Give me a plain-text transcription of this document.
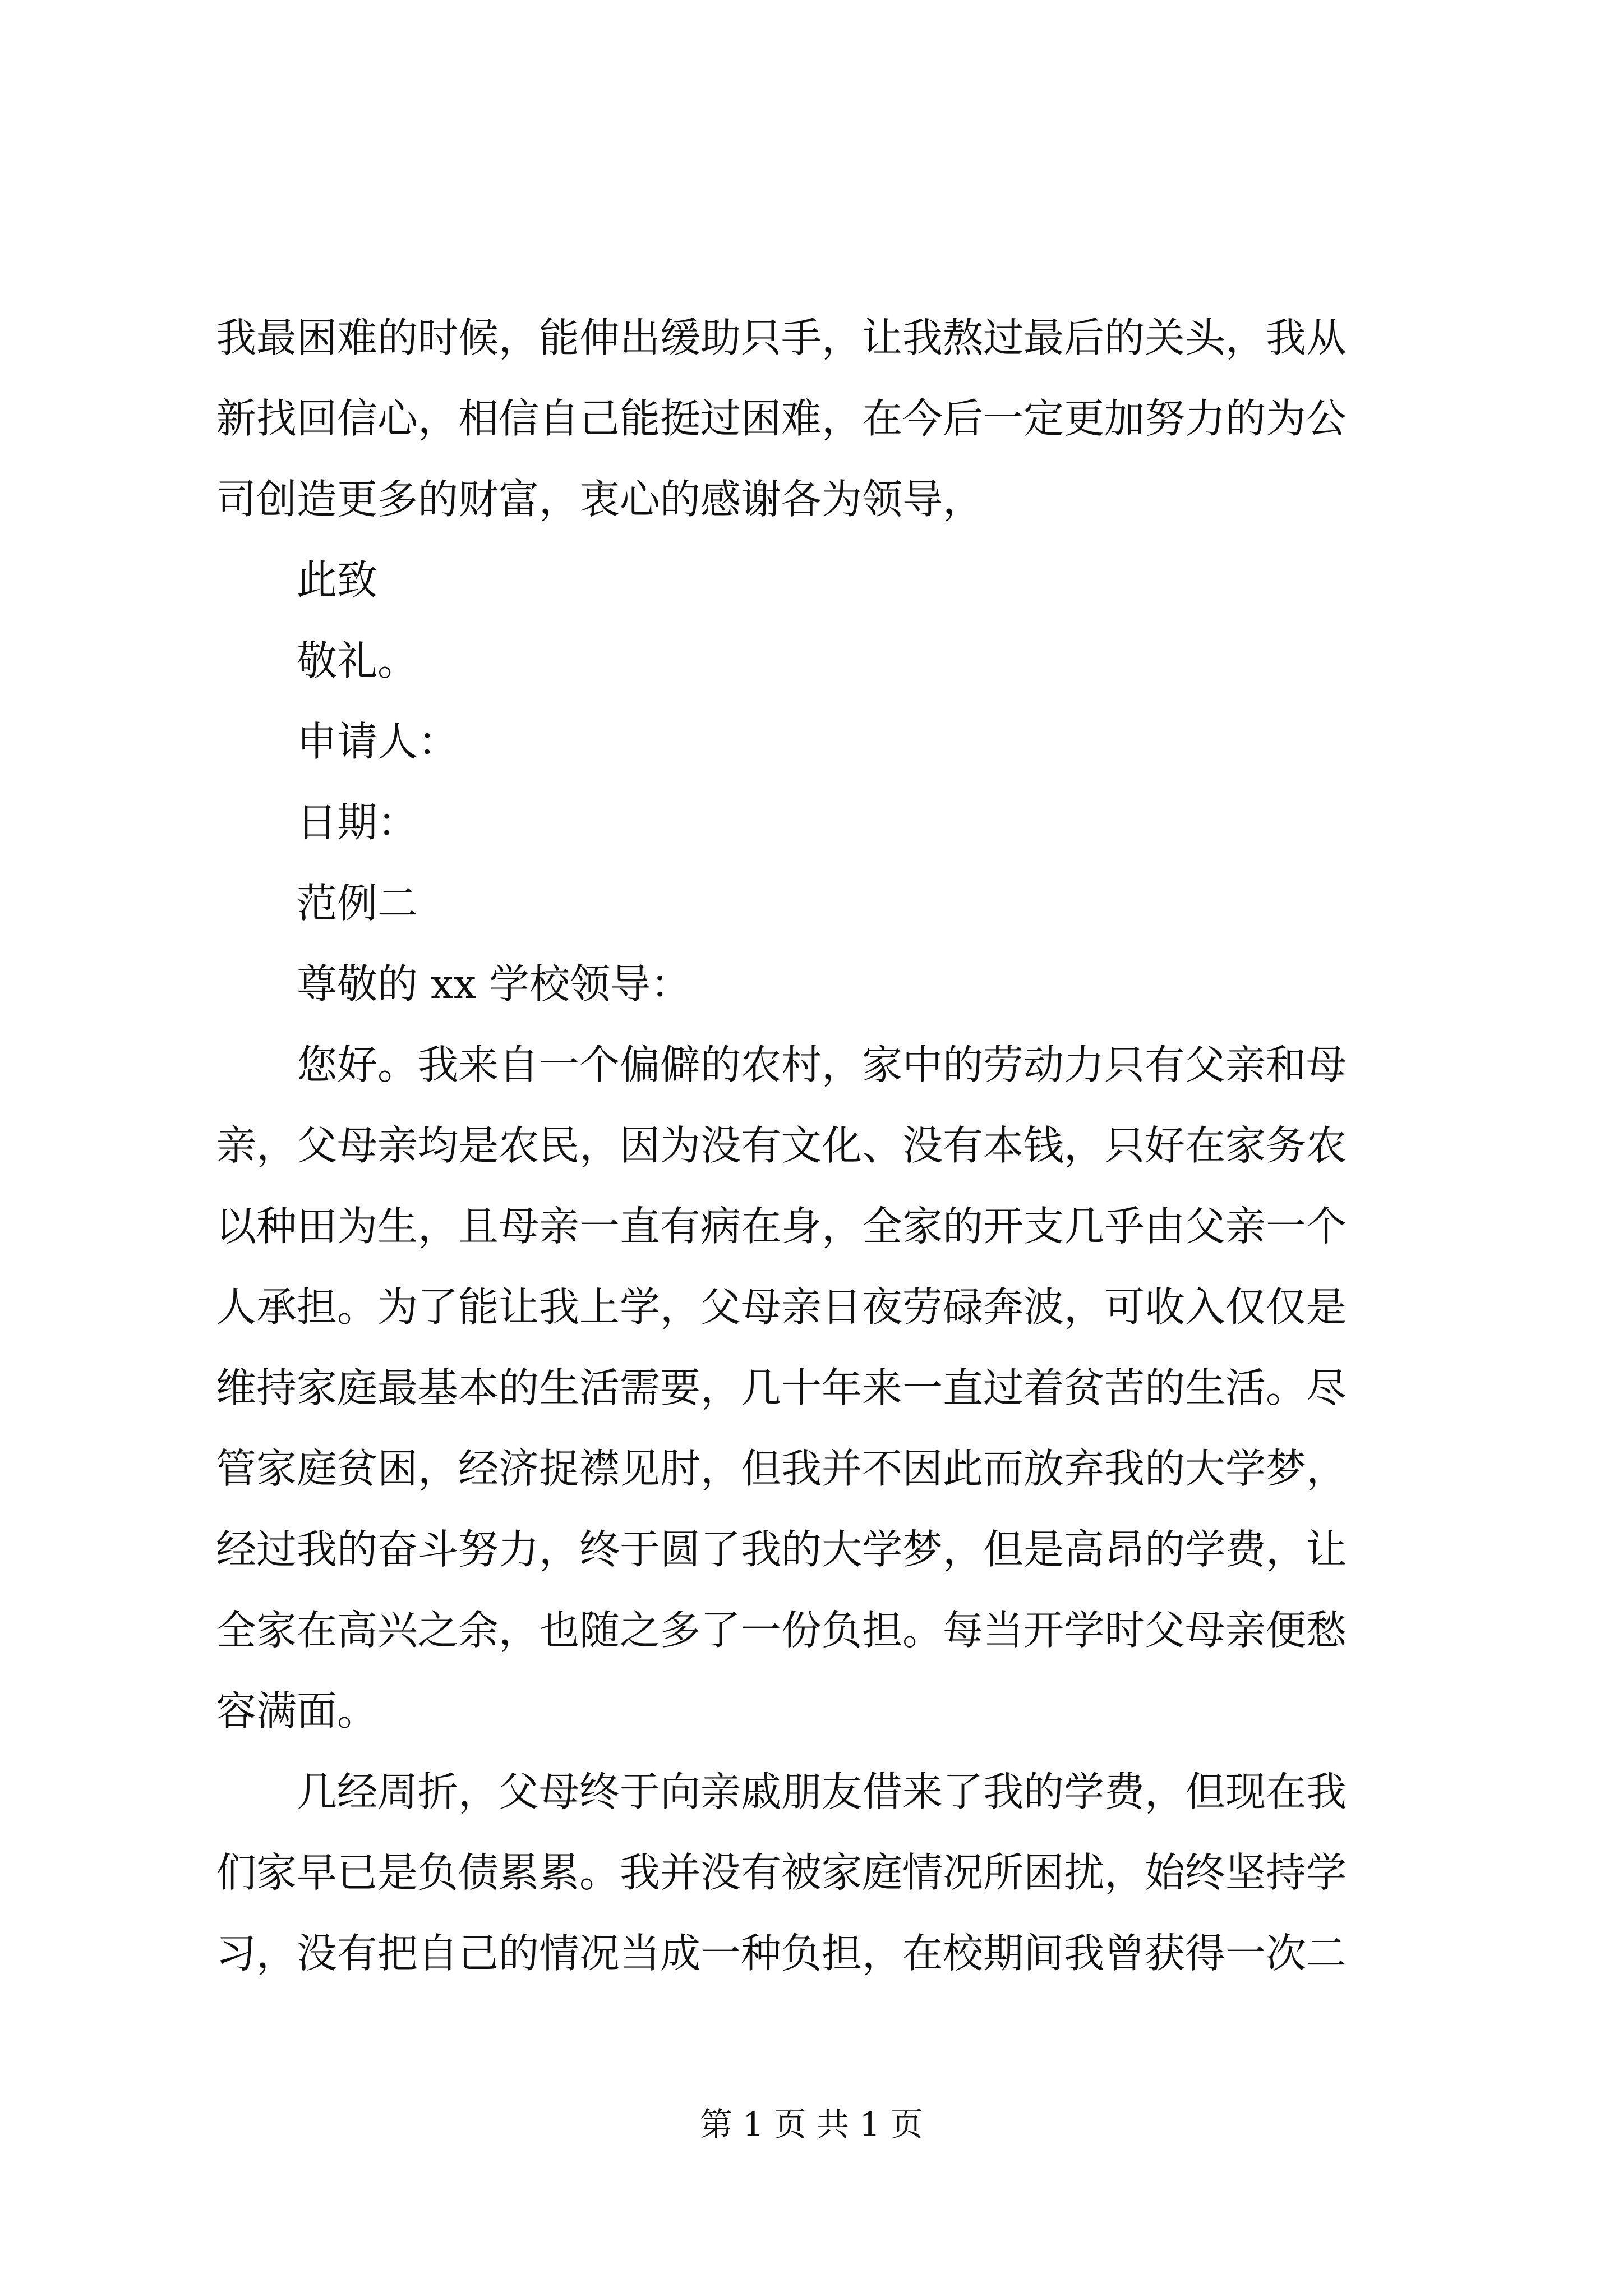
我最困难的时候，能伸出缓助只手，让我熬过最后的关头，我从
新找回信心，相信自己能挺过困难，在今后一定更加努力的为公
司创造更多的财富，衷心的感谢各为领导，
此致
敬礼。
申请人：
日期：
范例二
尊敬的 xx 学校领导：
您好。我来自一个偏僻的农村，家中的劳动力只有父亲和母
亲，父母亲均是农民，因为没有文化、没有本钱，只好在家务农
以种田为生，且母亲一直有病在身，全家的开支几乎由父亲一个
人承担。为了能让我上学，父母亲日夜劳碌奔波，可收入仅仅是
维持家庭最基本的生活需要，几十年来一直过着贫苦的生活。尽
管家庭贫困，经济捉襟见肘，但我并不因此而放弃我的大学梦，
经过我的奋斗努力，终于圆了我的大学梦，但是高昂的学费，让
全家在高兴之余，也随之多了一份负担。每当开学时父母亲便愁
容满面。
几经周折，父母终于向亲戚朋友借来了我的学费，但现在我
们家早已是负债累累。我并没有被家庭情况所困扰，始终坚持学
习，没有把自己的情况当成一种负担，在校期间我曾获得一次二
第 1 页 共 1 页
